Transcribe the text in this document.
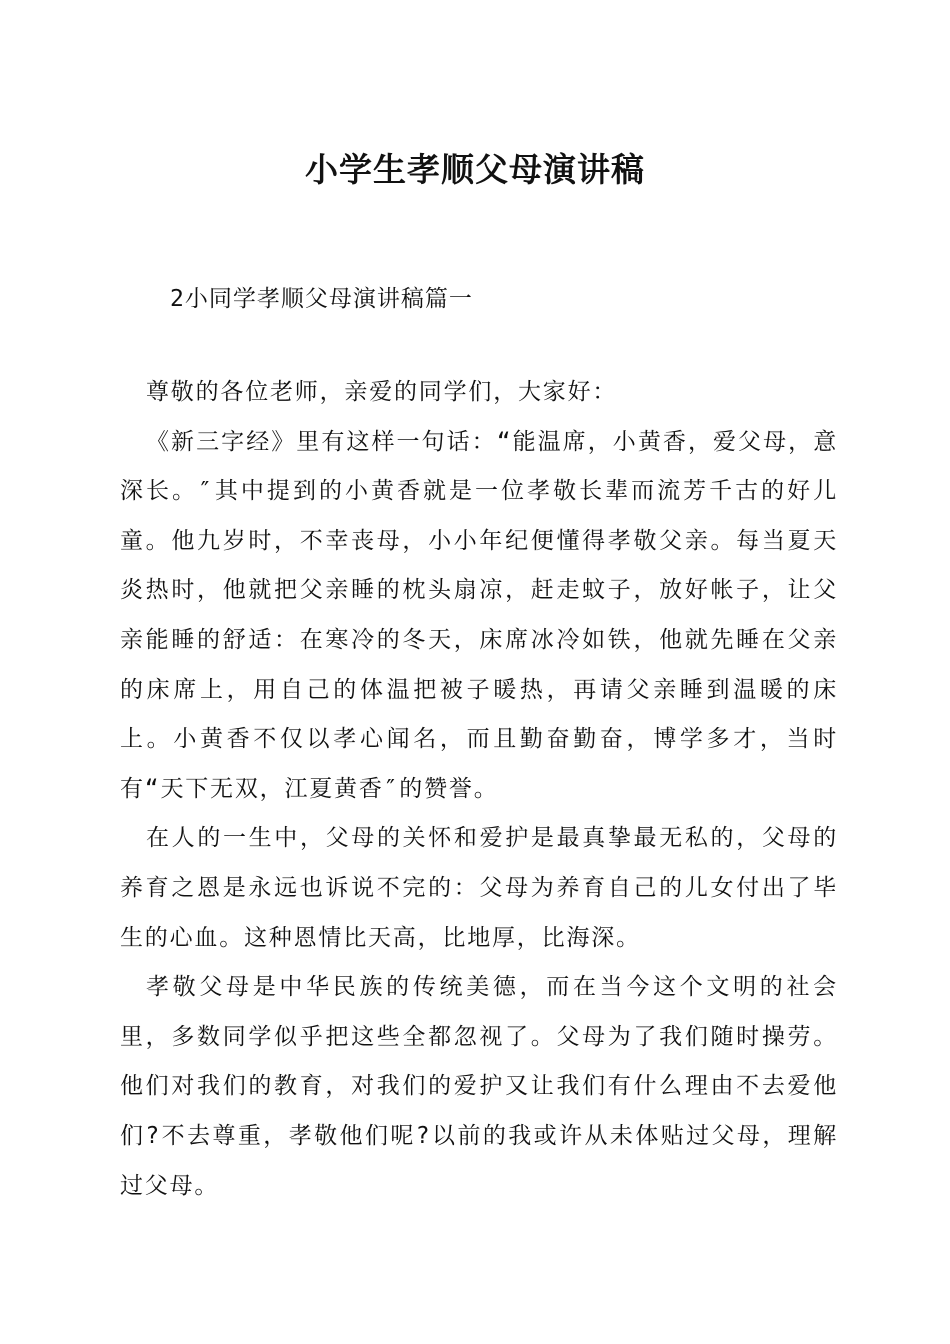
小学生孝顺父母演讲稿

2小同学孝顺父母演讲稿篇一

尊敬的各位老师，亲爱的同学们，大家好：

《新三字经》里有这样一句话：“能温席，小黄香，爱父母，意深长。″其中提到的小黄香就是一位孝敬长辈而流芳千古的好儿童。他九岁时，不幸丧母，小小年纪便懂得孝敬父亲。每当夏天炎热时，他就把父亲睡的枕头扇凉，赶走蚊子，放好帐子，让父亲能睡的舒适：在寒冷的冬天，床席冰冷如铁，他就先睡在父亲的床席上，用自己的体温把被子暖热，再请父亲睡到温暖的床上。小黄香不仅以孝心闻名，而且勤奋勤奋，博学多才，当时有“天下无双，江夏黄香″的赞誉。

在人的一生中，父母的关怀和爱护是最真挚最无私的，父母的养育之恩是永远也诉说不完的：父母为养育自己的儿女付出了毕生的心血。这种恩情比天高，比地厚，比海深。

孝敬父母是中华民族的传统美德，而在当今这个文明的社会里，多数同学似乎把这些全都忽视了。父母为了我们随时操劳。他们对我们的教育，对我们的爱护又让我们有什么理由不去爱他们?不去尊重，孝敬他们呢?以前的我或许从未体贴过父母，理解过父母。
